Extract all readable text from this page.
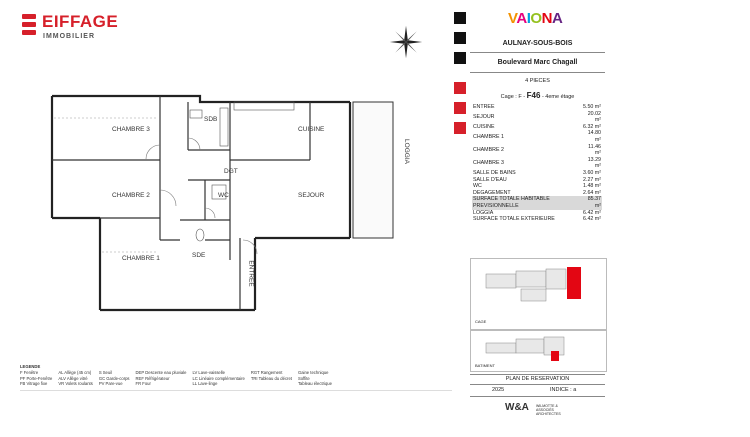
EIFFAGE
IMMOBILIER
CHAMBRE 3
CHAMBRE 2
CHAMBRE 1
SDB
DGT
WC
SDE
CUISINE
SEJOUR
LOGGIA
ENTREE
VAIONA
AULNAY-SOUS-BOIS
Boulevard Marc Chagall
4 PIECES
Cage : F - F46 - 4eme étage
ENTREE	5.50 m²
SEJOUR	20.02 m²
CUISINE	6.32 m²
CHAMBRE 1	14.80 m²
CHAMBRE 2	11.46 m²
CHAMBRE 3	13.29 m²
SALLE DE BAINS	3.60 m²
SALLE D'EAU	2.27 m²
WC	1.48 m²
DEGAGEMENT	2.64 m²
SURFACE TOTALE HABITABLE PREVISIONNELLE	85.37 m²
LOGGIA	6.42 m²
SURFACE TOTALE EXTERIEURE	6.42 m²
CAGE
BATIMENT
PLAN DE RESERVATION
2025	INDICE : a
W&A WILMOTTE & ASSOCIÉS ARCHITECTES
LEGENDE
F Fenêtre
PF Porte-Fenêtre
FB Vitrage fixe
AL Allège (45 cm)
ALV Allège vitré
VR Volets roulants
S Seuil
GC Garde-corps
PV Pare-vue
DEP Descente eau pluviale
REF Réfrigérateur
FR Four
LV Lave-vaisselle
LC Linéaire complémentaire
LL Lave-linge
RGT Rangement
TRI Tableau du décret
Gaine technique
Soffite
Tableau électrique
